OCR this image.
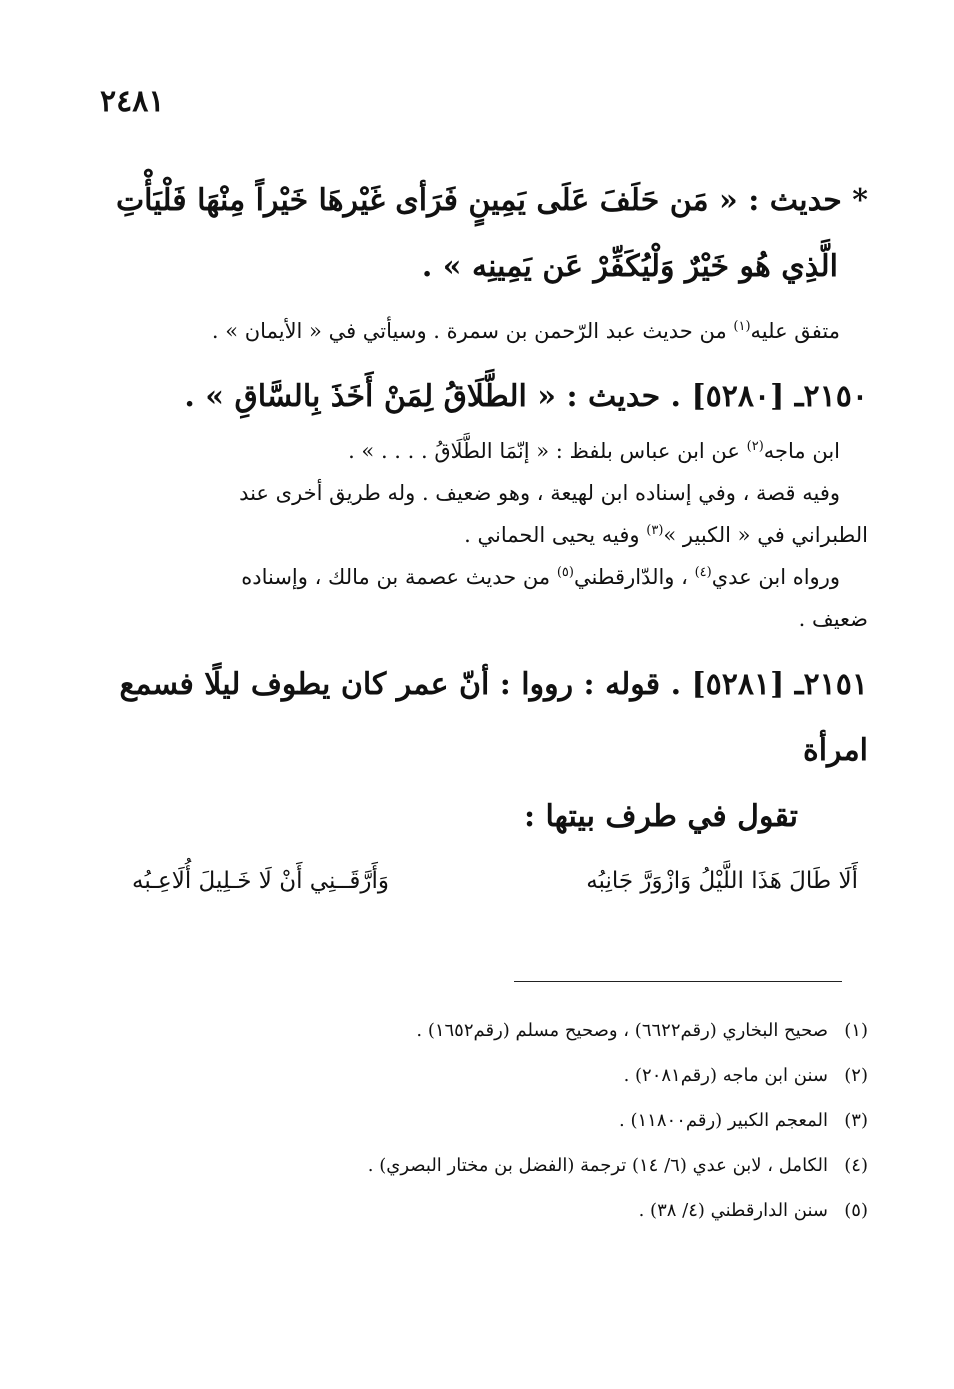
٢٤٨١

* حديث : « مَن حَلَفَ عَلَى يَمِينٍ فَرَأى غَيْرهَا خَيْراً مِنْهَا فَلْيَأْتِ

الَّذِي هُو خَيْرٌ وَلْيُكَفِّرْ عَن يَمِينِه » .

متفق عليه$^{(١)}$ من حديث عبد الرّحمن بن سمرة . وسيأتي في « الأيمان » .

٢١٥٠ـ [٥٢٨٠] . حديث : « الطَّلَاقُ لِمَنْ أَخَذَ بِالسَّاقِ » .

ابن ماجه$^{(٢)}$ عن ابن عباس بلفظ : « إنّمَا الطَّلَاقُ . . . . » .

وفيه قصة ، وفي إسناده ابن لهيعة ، وهو ضعيف . وله طريق أخرى عند

الطبراني في « الكبير »$^{(٣)}$ وفيه يحيى الحماني .

ورواه ابن عدي$^{(٤)}$ ، والدّارقطني$^{(٥)}$ من حديث عصمة بن مالك ، وإسناده

ضعيف .

٢١٥١ـ [٥٢٨١] . قوله : رووا : أنّ عمر كان يطوف ليلًا فسمع امرأة

تقول في طرف بيتها :

أَلَا طَالَ هَذَا اللَّيْلُ وَازْوَرَّ جَانِبُه
وَأَرَّقَــنِي أَنْ لَا خَـلِيلَ أُلَاعِـبُه

(١)
صحيح البخاري (رقم٦٦٢٢) ، وصحيح مسلم (رقم١٦٥٢) .

(٢)
سنن ابن ماجه (رقم٢٠٨١) .

(٣)
المعجم الكبير (رقم١١٨٠٠) .

(٤)
الكامل ، لابن عدي (٦/ ١٤) ترجمة (الفضل بن مختار البصري) .

(٥)
سنن الدارقطني (٤/ ٣٨) .
